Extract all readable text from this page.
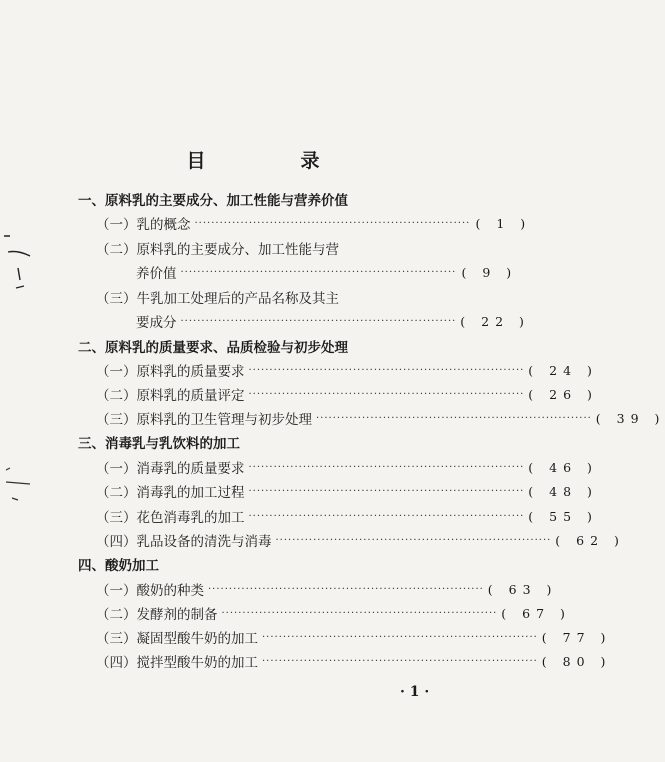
目　录
一、原料乳的主要成分、加工性能与营养价值
（一）乳的概念 ·································································· ( 1 )
（二）原料乳的主要成分、加工性能与营
养价值 ·································································· ( 9 )
（三）牛乳加工处理后的产品名称及其主
要成分 ·································································· ( 22 )
二、原料乳的质量要求、品质检验与初步处理
（一）原料乳的质量要求 ·································································· ( 24 )
（二）原料乳的质量评定 ·································································· ( 26 )
（三）原料乳的卫生管理与初步处理 ·································································· ( 39 )
三、消毒乳与乳饮料的加工
（一）消毒乳的质量要求 ·································································· ( 46 )
（二）消毒乳的加工过程 ·································································· ( 48 )
（三）花色消毒乳的加工 ·································································· ( 55 )
（四）乳品设备的清洗与消毒 ·································································· ( 62 )
四、酸奶加工
（一）酸奶的种类 ·································································· ( 63 )
（二）发酵剂的制备 ·································································· ( 67 )
（三）凝固型酸牛奶的加工 ·································································· ( 77 )
（四）搅拌型酸牛奶的加工 ·································································· ( 80 )
· 1 ·
